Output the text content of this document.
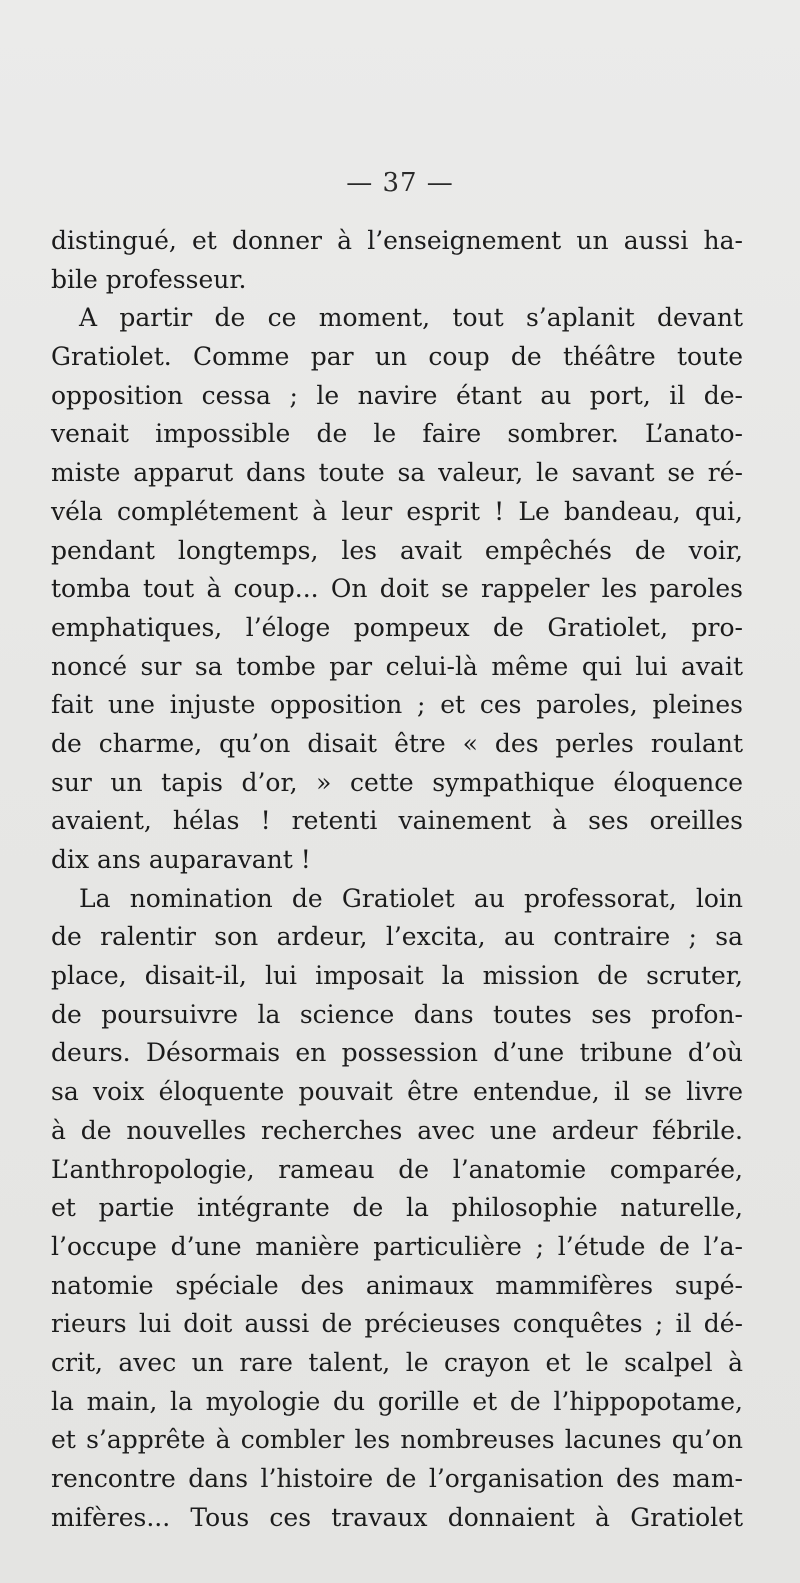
— 37 —

distingué, et donner à l’enseignement un aussi ha-
bile professeur.
A partir de ce moment, tout s’aplanit devant
Gratiolet. Comme par un coup de théâtre toute
opposition cessa ; le navire étant au port, il de-
venait impossible de le faire sombrer. L’anato-
miste apparut dans toute sa valeur, le savant se ré-
véla complétement à leur esprit ! Le bandeau, qui,
pendant longtemps, les avait empêchés de voir,
tomba tout à coup... On doit se rappeler les paroles
emphatiques, l’éloge pompeux de Gratiolet, pro-
noncé sur sa tombe par celui-là même qui lui avait
fait une injuste opposition ; et ces paroles, pleines
de charme, qu’on disait être « des perles roulant
sur un tapis d’or, » cette sympathique éloquence
avaient, hélas ! retenti vainement à ses oreilles
dix ans auparavant !
La nomination de Gratiolet au professorat, loin
de ralentir son ardeur, l’excita, au contraire ; sa
place, disait-il, lui imposait la mission de scruter,
de poursuivre la science dans toutes ses profon-
deurs. Désormais en possession d’une tribune d’où
sa voix éloquente pouvait être entendue, il se livre
à de nouvelles recherches avec une ardeur fébrile.
L’anthropologie, rameau de l’anatomie comparée,
et partie intégrante de la philosophie naturelle,
l’occupe d’une manière particulière ; l’étude de l’a-
natomie spéciale des animaux mammifères supé-
rieurs lui doit aussi de précieuses conquêtes ; il dé-
crit, avec un rare talent, le crayon et le scalpel à
la main, la myologie du gorille et de l’hippopotame,
et s’apprête à combler les nombreuses lacunes qu’on
rencontre dans l’histoire de l’organisation des mam-
mifères... Tous ces travaux donnaient à Gratiolet
